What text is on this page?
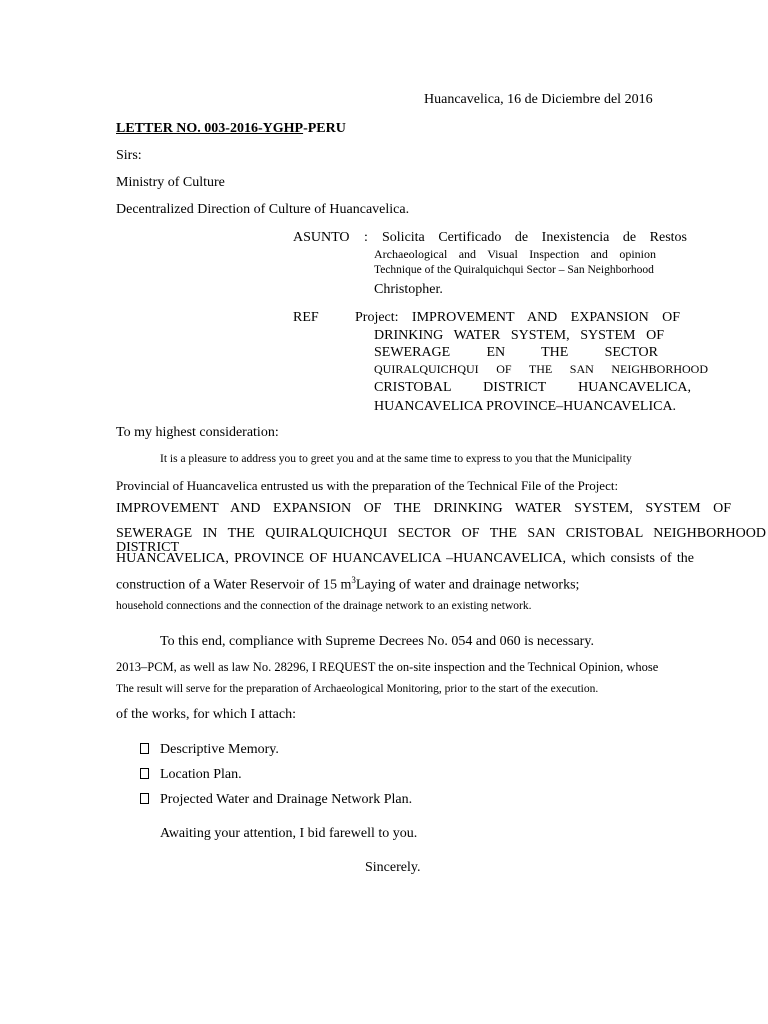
Huancavelica, 16 de Diciembre del 2016
LETTER NO. 003-2016-YGHP-PERU
Sirs:
Ministry of Culture
Decentralized Direction of Culture of Huancavelica.
ASUNTO : Solicita Certificado de Inexistencia de Restos
Archaeological and Visual Inspection and opinion
Technique of the Quiralquichqui Sector – San Neighborhood
Christopher.
REF	Project: IMPROVEMENT AND EXPANSION OF
DRINKING WATER SYSTEM, SYSTEM OF
SEWERAGE EN THE SECTOR
QUIRALQUICHQUI OF THE SAN NEIGHBORHOOD
CRISTOBAL DISTRICT HUANCAVELICA,
HUANCAVELICA PROVINCE–HUANCAVELICA.
To my highest consideration:
It is a pleasure to address you to greet you and at the same time to express to you that the Municipality
Provincial of Huancavelica entrusted us with the preparation of the Technical File of the Project:
IMPROVEMENT AND EXPANSION OF THE DRINKING WATER SYSTEM, SYSTEM OF
SEWERAGE IN THE QUIRALQUICHQUI SECTOR OF THE SAN CRISTOBAL NEIGHBORHOOD DISTRICT
HUANCAVELICA, PROVINCE OF HUANCAVELICA –HUANCAVELICA, which consists of the
construction of a Water Reservoir of 15 $m^3Laying$ of water and drainage networks;
household connections and the connection of the drainage network to an existing network.
To this end, compliance with Supreme Decrees No. 054 and 060 is necessary.
2013–PCM, as well as law No. 28296, I REQUEST the on-site inspection and the Technical Opinion, whose
The result will serve for the preparation of Archaeological Monitoring, prior to the start of the execution.
of the works, for which I attach:
Descriptive Memory.
Location Plan.
Projected Water and Drainage Network Plan.
Awaiting your attention, I bid farewell to you.
Sincerely.
